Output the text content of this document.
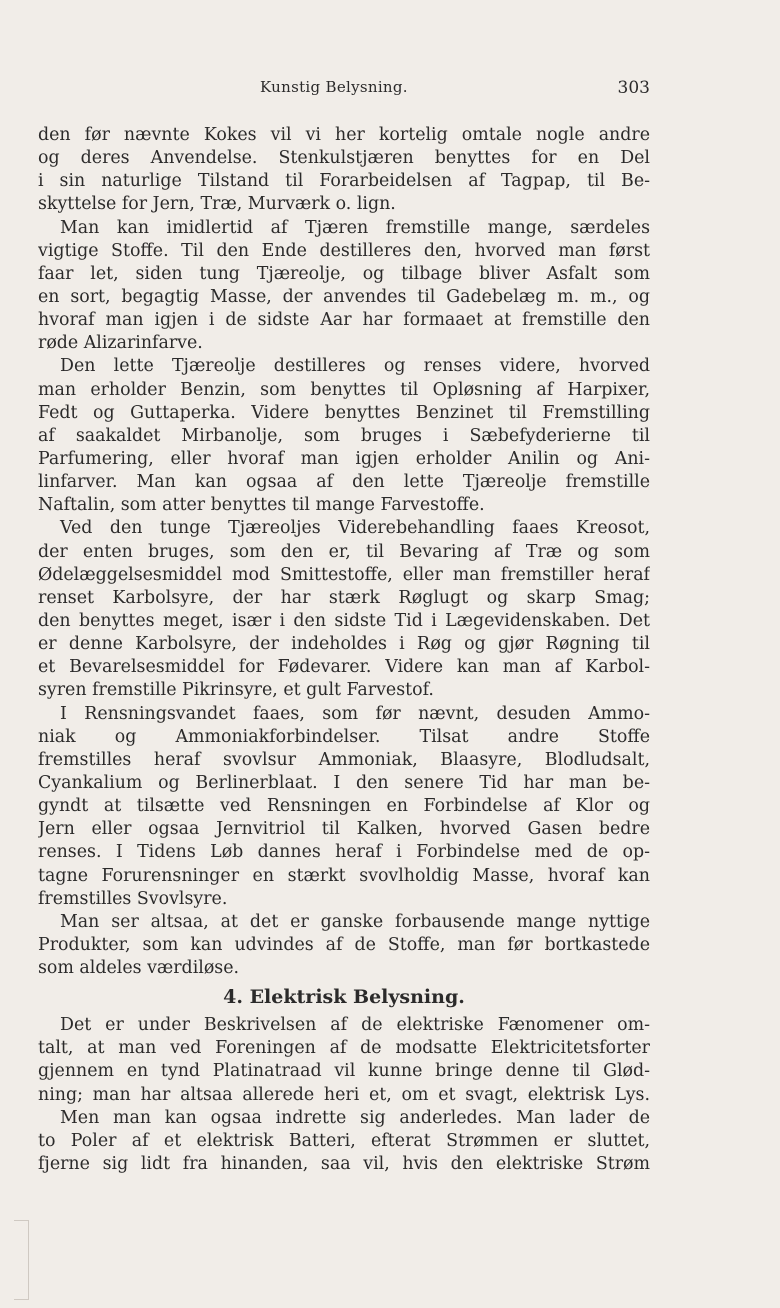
Kunstig Belysning.	303
den før nævnte Kokes vil vi her kortelig omtale nogle andre
og deres Anvendelse. Stenkulstjæren benyttes for en Del
i sin naturlige Tilstand til Forarbeidelsen af Tagpap, til Be-
skyttelse for Jern, Træ, Murværk o. lign.
Man kan imidlertid af Tjæren fremstille mange, særdeles
vigtige Stoffe. Til den Ende destilleres den, hvorved man først
faar let, siden tung Tjæreolje, og tilbage bliver Asfalt som
en sort, begagtig Masse, der anvendes til Gadebelæg m. m., og
hvoraf man igjen i de sidste Aar har formaaet at fremstille den
røde Alizarinfarve.
Den lette Tjæreolje destilleres og renses videre, hvorved
man erholder Benzin, som benyttes til Opløsning af Harpixer,
Fedt og Guttaperka. Videre benyttes Benzinet til Fremstilling
af saakaldet Mirbanolje, som bruges i Sæbefyderierne til
Parfumering, eller hvoraf man igjen erholder Anilin og Ani-
linfarver. Man kan ogsaa af den lette Tjæreolje fremstille
Naftalin, som atter benyttes til mange Farvestoffe.
Ved den tunge Tjæreoljes Viderebehandling faaes Kreosot,
der enten bruges, som den er, til Bevaring af Træ og som
Ødelæggelsesmiddel mod Smittestoffe, eller man fremstiller heraf
renset Karbolsyre, der har stærk Røglugt og skarp Smag;
den benyttes meget, især i den sidste Tid i Lægevidenskaben. Det
er denne Karbolsyre, der indeholdes i Røg og gjør Røgning til
et Bevarelsesmiddel for Fødevarer. Videre kan man af Karbol-
syren fremstille Pikrinsyre, et gult Farvestof.
I Rensningsvandet faaes, som før nævnt, desuden Ammo-
niak og Ammoniakforbindelser. Tilsat andre Stoffe
fremstilles heraf svovlsur Ammoniak, Blaasyre, Blodludsalt,
Cyankalium og Berlinerblaat. I den senere Tid har man be-
gyndt at tilsætte ved Rensningen en Forbindelse af Klor og
Jern eller ogsaa Jernvitriol til Kalken, hvorved Gasen bedre
renses. I Tidens Løb dannes heraf i Forbindelse med de op-
tagne Forurensninger en stærkt svovlholdig Masse, hvoraf kan
fremstilles Svovlsyre.
Man ser altsaa, at det er ganske forbausende mange nyttige
Produkter, som kan udvindes af de Stoffe, man før bortkastede
som aldeles værdiløse.
4. Elektrisk Belysning.
Det er under Beskrivelsen af de elektriske Fænomener om-
talt, at man ved Foreningen af de modsatte Elektricitetsforter
gjennem en tynd Platinatraad vil kunne bringe denne til Glød-
ning; man har altsaa allerede heri et, om et svagt, elektrisk Lys.
Men man kan ogsaa indrette sig anderledes. Man lader de
to Poler af et elektrisk Batteri, efterat Strømmen er sluttet,
fjerne sig lidt fra hinanden, saa vil, hvis den elektriske Strøm
